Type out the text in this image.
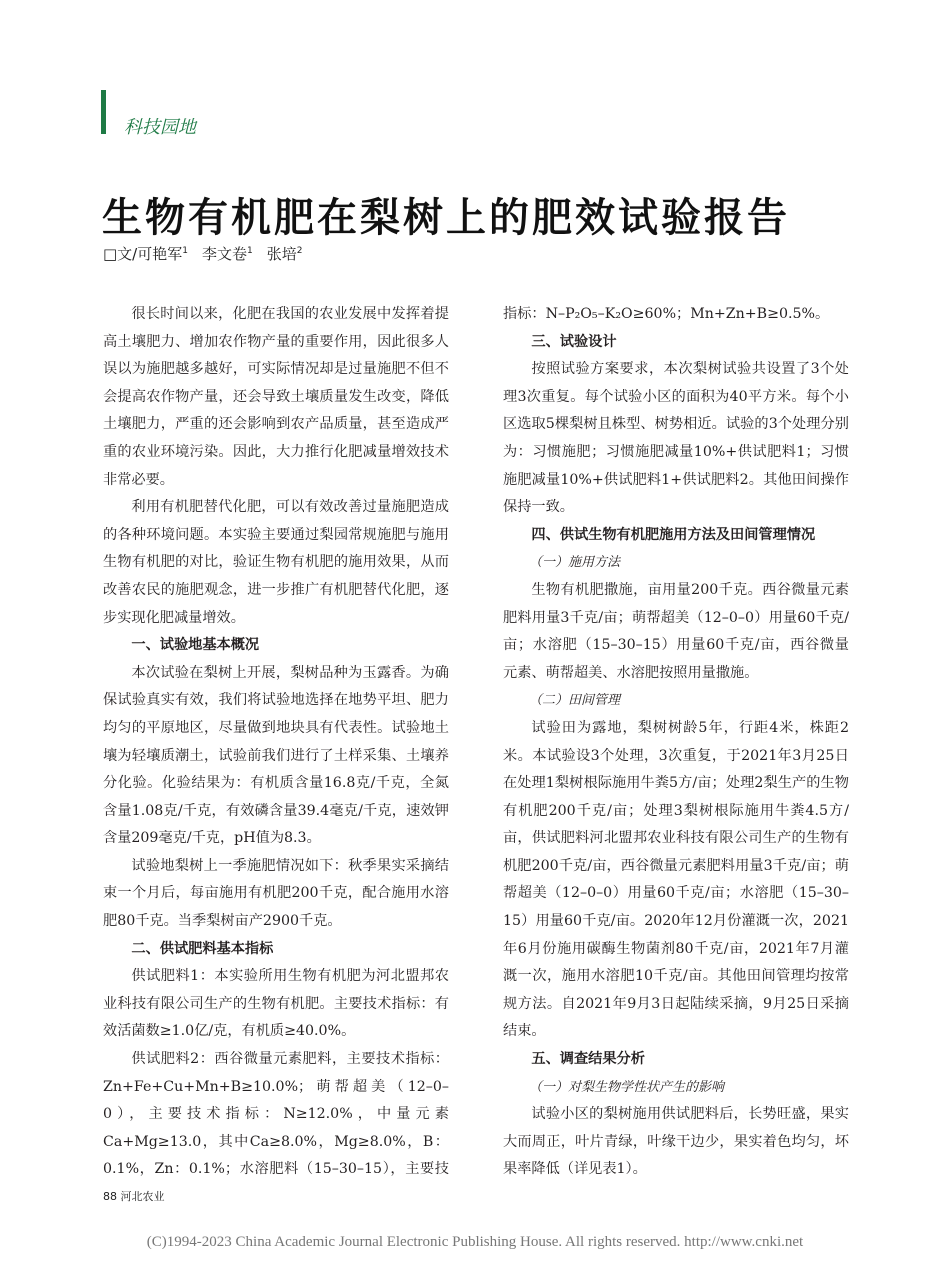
科技园地
生物有机肥在梨树上的肥效试验报告
□文/可艳军$^1$ 李文卷$^1$ 张培$^2$

很长时间以来，化肥在我国的农业发展中发挥着提高土壤肥力、增加农作物产量的重要作用，因此很多人误以为施肥越多越好，可实际情况却是过量施肥不但不会提高农作物产量，还会导致土壤质量发生改变，降低土壤肥力，严重的还会影响到农产品质量，甚至造成严重的农业环境污染。因此，大力推行化肥减量增效技术非常必要。

利用有机肥替代化肥，可以有效改善过量施肥造成的各种环境问题。本实验主要通过梨园常规施肥与施用生物有机肥的对比，验证生物有机肥的施用效果，从而改善农民的施肥观念，进一步推广有机肥替代化肥，逐步实现化肥减量增效。

一、试验地基本概况

本次试验在梨树上开展，梨树品种为玉露香。为确保试验真实有效，我们将试验地选择在地势平坦、肥力均匀的平原地区，尽量做到地块具有代表性。试验地土壤为轻壤质潮土，试验前我们进行了土样采集、土壤养分化验。化验结果为：有机质含量16.8克/千克，全氮含量1.08克/千克，有效磷含量39.4毫克/千克，速效钾含量209毫克/千克，pH值为8.3。

试验地梨树上一季施肥情况如下：秋季果实采摘结束一个月后，每亩施用有机肥200千克，配合施用水溶肥80千克。当季梨树亩产2900千克。

二、供试肥料基本指标

供试肥料1：本实验所用生物有机肥为河北盟邦农业科技有限公司生产的生物有机肥。主要技术指标：有效活菌数≥1.0亿/克，有机质≥40.0%。

供试肥料2：西谷微量元素肥料，主要技术指标：Zn+Fe+Cu+Mn+B≥10.0%；萌帮超美（12–0–0），主要技术指标：N≥12.0%，中量元素Ca+Mg≥13.0，其中Ca≥8.0%，Mg≥8.0%，B：0.1%，Zn：0.1%；水溶肥料（15–30–15），主要技

指标：N–P₂O₅–K₂O≥60%；Mn+Zn+B≥0.5%。

三、试验设计

按照试验方案要求，本次梨树试验共设置了3个处理3次重复。每个试验小区的面积为40平方米。每个小区选取5棵梨树且株型、树势相近。试验的3个处理分别为：习惯施肥；习惯施肥减量10%+供试肥料1；习惯施肥减量10%+供试肥料1+供试肥料2。其他田间操作保持一致。

四、供试生物有机肥施用方法及田间管理情况
（一）施用方法

生物有机肥撒施，亩用量200千克。西谷微量元素肥料用量3千克/亩；萌帮超美（12–0–0）用量60千克/亩；水溶肥（15–30–15）用量60千克/亩，西谷微量元素、萌帮超美、水溶肥按照用量撒施。

（二）田间管理

试验田为露地，梨树树龄5年，行距4米，株距2米。本试验设3个处理，3次重复，于2021年3月25日在处理1梨树根际施用牛粪5方/亩；处理2梨生产的生物有机肥200千克/亩；处理3梨树根际施用牛粪4.5方/亩，供试肥料河北盟邦农业科技有限公司生产的生物有机肥200千克/亩，西谷微量元素肥料用量3千克/亩；萌帮超美（12–0–0）用量60千克/亩；水溶肥（15–30–15）用量60千克/亩。2020年12月份灌溉一次，2021年6月份施用碳酶生物菌剂80千克/亩，2021年7月灌溉一次，施用水溶肥10千克/亩。其他田间管理均按常规方法。自2021年9月3日起陆续采摘，9月25日采摘结束。

五、调查结果分析
（一）对梨生物学性状产生的影响

试验小区的梨树施用供试肥料后，长势旺盛，果实大而周正，叶片青绿，叶缘干边少，果实着色均匀，坏果率降低（详见表1）。

88 河北农业
(C)1994-2023 China Academic Journal Electronic Publishing House. All rights reserved. http://www.cnki.net
